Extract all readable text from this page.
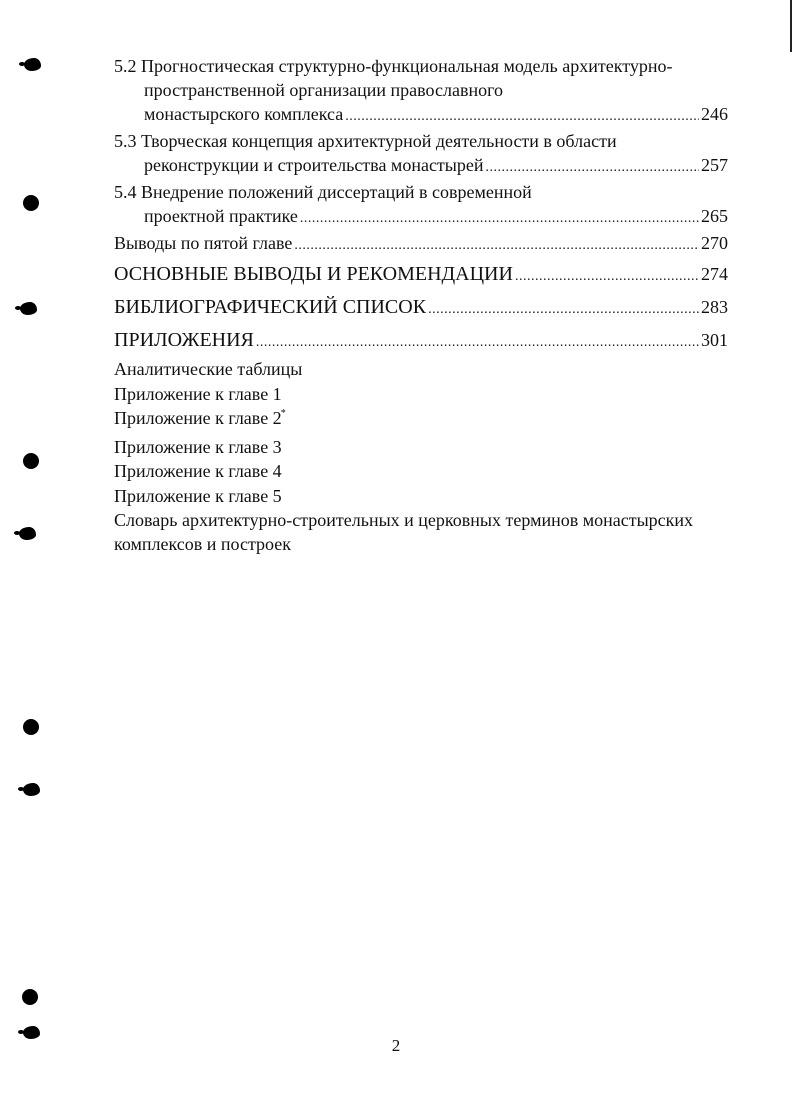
5.2 Прогностическая структурно-функциональная модель архитектурно-
пространственной организации православного
монастырского комплекса .....	246
5.3 Творческая концепция архитектурной деятельности в области
реконструкции и строительства монастырей .....	257
5.4 Внедрение положений диссертаций в современной
проектной практике .....	265
Выводы по пятой главе .....	270
ОСНОВНЫЕ ВЫВОДЫ И РЕКОМЕНДАЦИИ .....	274
БИБЛИОГРАФИЧЕСКИЙ СПИСОК .....	283
ПРИЛОЖЕНИЯ .....	301
Аналитические таблицы
Приложение к главе 1
Приложение к главе 2*
Приложение к главе 3
Приложение к главе 4
Приложение к главе 5
Словарь архитектурно-строительных и церковных терминов монастырских комплексов и построек
2
